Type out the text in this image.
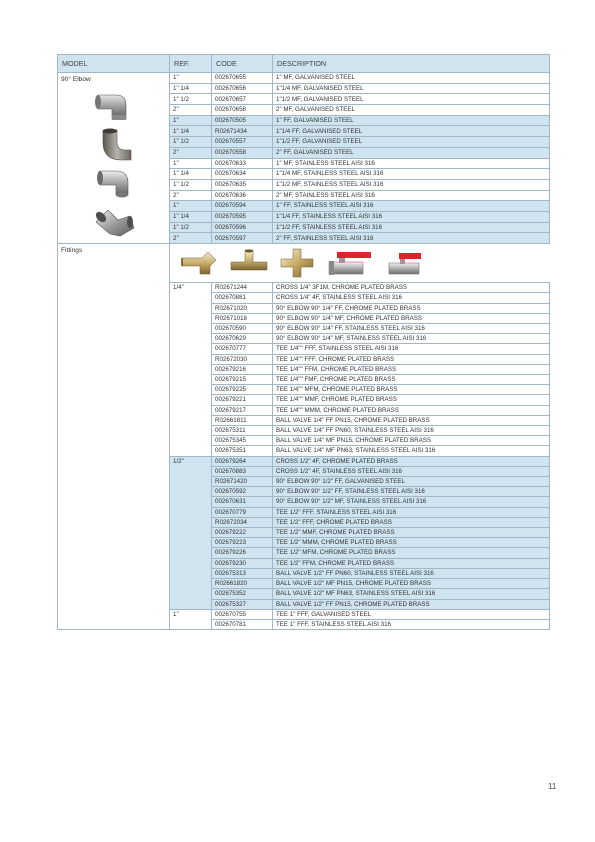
MODEL	REF.	CODE	DESCRIPTION

90° Elbow	1"	002670655	1" MF, GALVANISED STEEL
	1" 1/4	002670656	1"1/4 MF, GALVANISED STEEL
	1" 1/2	002670657	1"1/2 MF, GALVANISED STEEL
	2"	002670658	2" MF, GALVANISED STEEL
	1"	002670505	1" FF, GALVANISED STEEL
	1" 1/4	R02671434	1"1/4 FF, GALVANISED STEEL
	1" 1/2	002670557	1"1/2 FF, GALVANISED STEEL
	2"	002670558	2" FF, GALVANISED STEEL
	1"	002670633	1" MF, STAINLESS STEEL AISI 316
	1" 1/4	002670634	1"1/4 MF, STAINLESS STEEL AISI 316
	1" 1/2	002670635	1"1/2 MF, STAINLESS STEEL AISI 316
	2"	002670636	2" MF, STAINLESS STEEL AISI 316
	1"	002670594	1" FF, STAINLESS STEEL AISI 316
	1" 1/4	002670595	1"1/4 FF, STAINLESS STEEL AISI 316
	1" 1/2	002670596	1"1/2 FF, STAINLESS STEEL AISI 316
	2"	002670597	2" FF, STAINLESS STEEL AISI 316

Fittings

	1/4"	R02671244	CROSS 1/4" 3F1M, CHROME PLATED BRASS
		002670881	CROSS 1/4" 4F, STAINLESS STEEL AISI 316
		R02671020	90° ELBOW 90° 1/4" FF, CHROME PLATED BRASS
		R02671018	90° ELBOW 90° 1/4" MF, CHROME PLATED BRASS
		002670590	90° ELBOW 90° 1/4" FF, STAINLESS STEEL AISI 316
		002670629	90° ELBOW 90° 1/4" MF, STAINLESS STEEL AISI 316
		002670777	TEE 1/4"" FFF, STAINLESS STEEL AISI 316
		R02672030	TEE 1/4"" FFF, CHROME PLATED BRASS
		002679216	TEE 1/4"" FFM, CHROME PLATED BRASS
		002679215	TEE 1/4"" FMF, CHROME PLATED BRASS
		002679225	TEE 1/4"" MFM, CHROME PLATED BRASS
		002679221	TEE 1/4"" MMF, CHROME PLATED BRASS
		002679217	TEE 1/4"" MMM, CHROME PLATED BRASS
		R02661811	BALL VALVE 1/4" FF PN15, CHROME PLATED BRASS
		002675311	BALL VALVE 1/4" FF PN60, STAINLESS STEEL AISI 316
		002675345	BALL VALVE 1/4" MF PN15, CHROME PLATED BRASS
		002675351	BALL VALVE 1/4" MF PN63, STAINLESS STEEL AISI 316
	1/2"	002679264	CROSS 1/2" 4F, CHROME PLATED BRASS
		002670883	CROSS 1/2" 4F, STAINLESS STEEL AISI 316
		R02671420	90° ELBOW 90° 1/2" FF, GALVANISED STEEL
		002670592	90° ELBOW 90° 1/2" FF, STAINLESS STEEL AISI 316
		002670631	90° ELBOW 90° 1/2" MF, STAINLESS STEEL AISI 316
		002670779	TEE 1/2" FFF, STAINLESS STEEL AISI 316
		R02672034	TEE 1/2" FFF, CHROME PLATED BRASS
		002679222	TEE 1/2" MMF, CHROME PLATED BRASS
		002679223	TEE 1/2" MMM, CHROME PLATED BRASS
		002679226	TEE 1/2" MFM, CHROME PLATED BRASS
		002679230	TEE 1/2" FFM, CHROME PLATED BRASS
		002675313	BALL VALVE 1/2" FF PN60, STAINLESS STEEL AISI 316
		R02661820	BALL VALVE 1/2" MF PN15, CHROME PLATED BRASS
		002675352	BALL VALVE 1/2" MF PN63, STAINLESS STEEL AISI 316
		002675327	BALL VALVE 1/2" FF PN15, CHROME PLATED BRASS
	1"	002670755	TEE 1" FFF, GALVANISED STEEL
		002670781	TEE 1" FFF, STAINLESS STEEL AISI 316
11
